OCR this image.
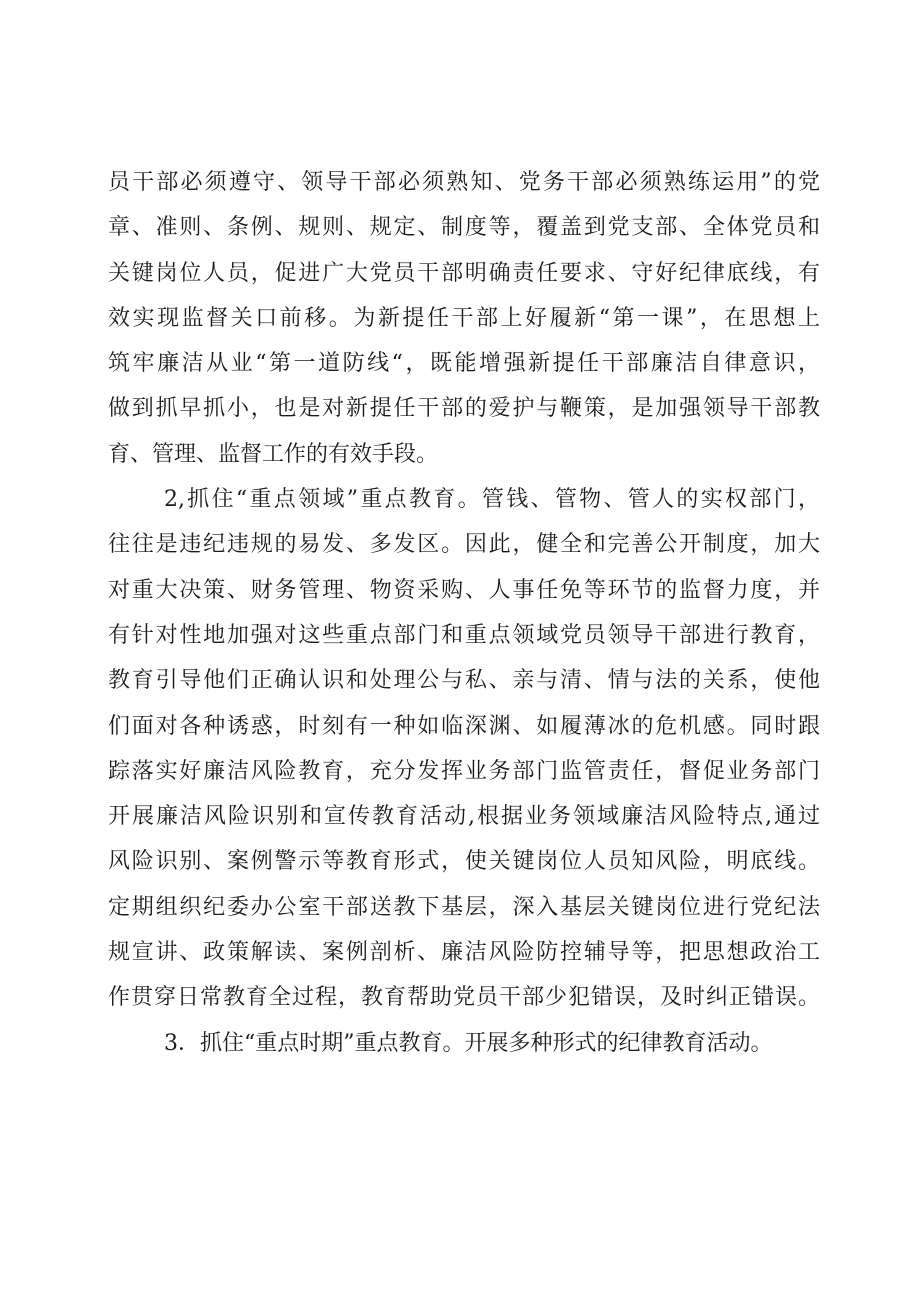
员干部必须遵守、领导干部必须熟知、党务干部必须熟练运用”的党
章、准则、条例、规则、规定、制度等，覆盖到党支部、全体党员和
关键岗位人员，促进广大党员干部明确责任要求、守好纪律底线，有
效实现监督关口前移。为新提任干部上好履新“第一课”，在思想上
筑牢廉洁从业“第一道防线“，既能增强新提任干部廉洁自律意识，
做到抓早抓小，也是对新提任干部的爱护与鞭策，是加强领导干部教
育、管理、监督工作的有效手段。
2,抓住“重点领域”重点教育。管钱、管物、管人的实权部门，
往往是违纪违规的易发、多发区。因此，健全和完善公开制度，加大
对重大决策、财务管理、物资采购、人事任免等环节的监督力度，并
有针对性地加强对这些重点部门和重点领域党员领导干部进行教育，
教育引导他们正确认识和处理公与私、亲与清、情与法的关系，使他
们面对各种诱惑，时刻有一种如临深渊、如履薄冰的危机感。同时跟
踪落实好廉洁风险教育，充分发挥业务部门监管责任，督促业务部门
开展廉洁风险识别和宣传教育活动,根据业务领域廉洁风险特点,通过
风险识别、案例警示等教育形式，使关键岗位人员知风险，明底线。
定期组织纪委办公室干部送教下基层，深入基层关键岗位进行党纪法
规宣讲、政策解读、案例剖析、廉洁风险防控辅导等，把思想政治工
作贯穿日常教育全过程，教育帮助党员干部少犯错误，及时纠正错误。
3．抓住“重点时期”重点教育。开展多种形式的纪律教育活动。
